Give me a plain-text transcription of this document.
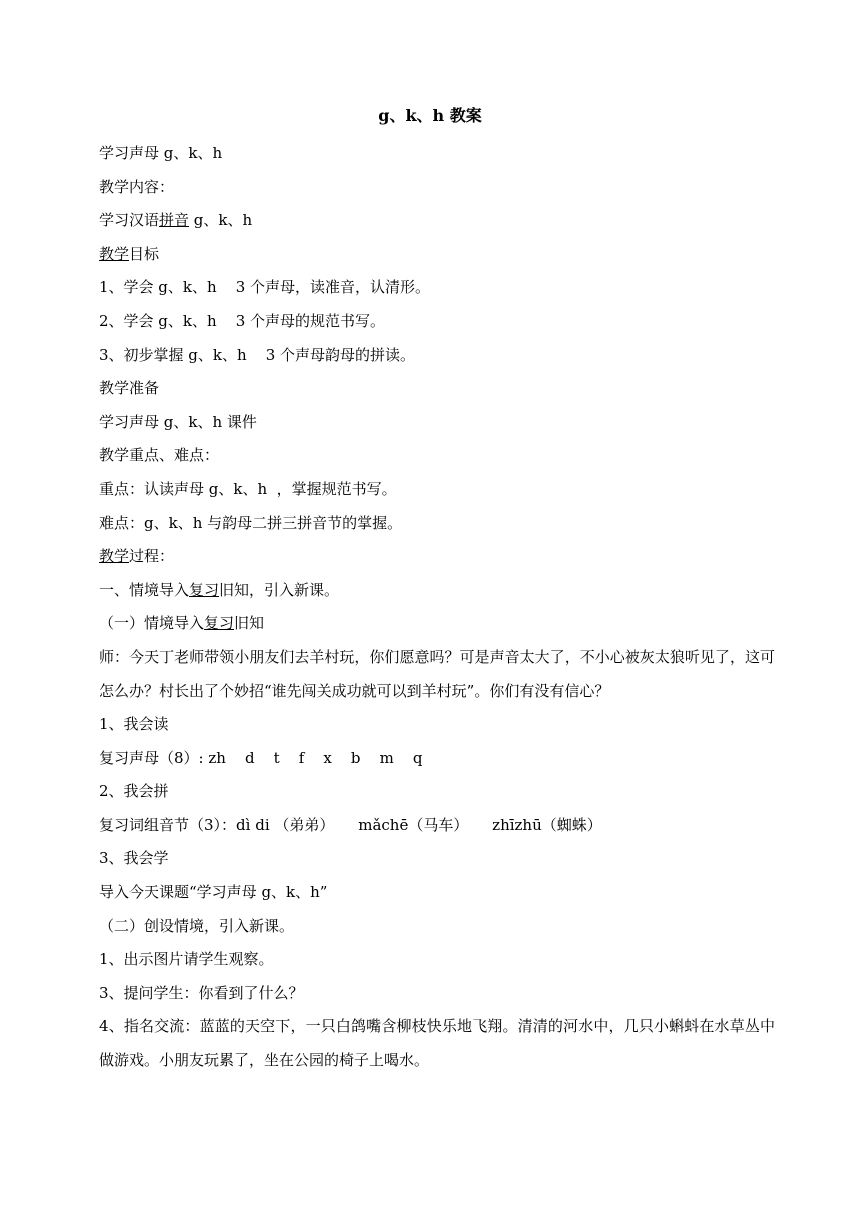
g、k、h 教案
学习声母 g、k、h
教学内容：
学习汉语拼音 g、k、h
教学目标
1、学会 g、k、h    3 个声母，读准音，认清形。
2、学会 g、k、h    3 个声母的规范书写。
3、初步掌握 g、k、h    3 个声母韵母的拼读。
教学准备
学习声母 g、k、h 课件
教学重点、难点：
重点：认读声母 g、k、h  ，掌握规范书写。
难点：g、k、h 与韵母二拼三拼音节的掌握。
教学过程：
一、情境导入复习旧知，引入新课。
（一）情境导入复习旧知
师：今天丁老师带领小朋友们去羊村玩，你们愿意吗？可是声音太大了，不小心被灰太狼听见了，这可怎么办？村长出了个妙招“谁先闯关成功就可以到羊村玩”。你们有没有信心？
1、我会读
复习声母（8）: zh    d    t    f    x    b    m    q
2、我会拼
复习词组音节（3）：dì di （弟弟）     mǎchē（马车）     zhīzhū（蜘蛛）
3、我会学
导入今天课题“学习声母 g、k、h”
（二）创设情境，引入新课。
1、出示图片请学生观察。
3、提问学生：你看到了什么？
4、指名交流：蓝蓝的天空下，一只白鸽嘴含柳枝快乐地飞翔。清清的河水中，几只小蝌蚪在水草丛中做游戏。小朋友玩累了，坐在公园的椅子上喝水。
